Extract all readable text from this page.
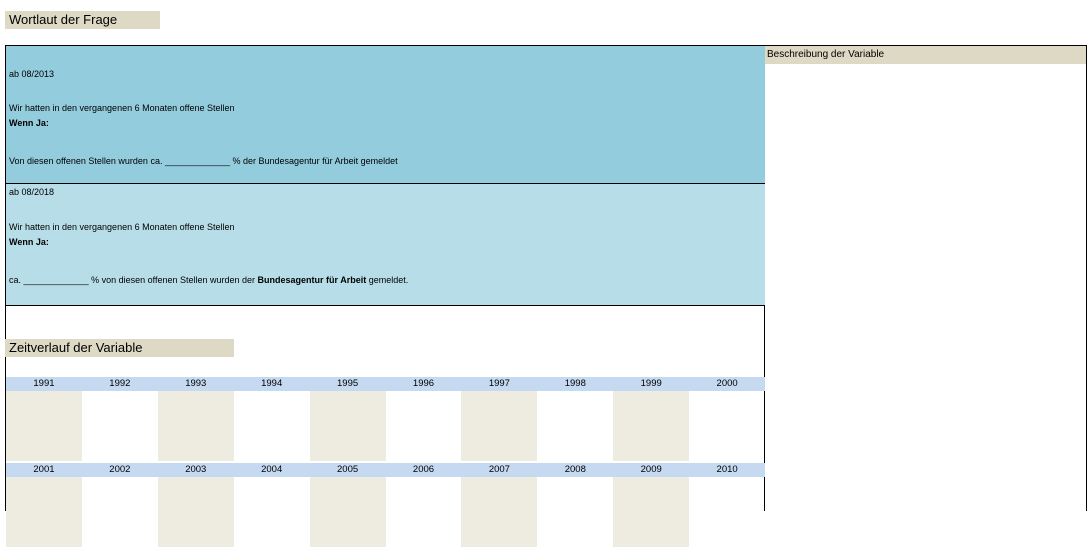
Wortlaut der Frage
ab 08/2013
Wir hatten in den vergangenen 6 Monaten offene Stellen
Wenn Ja:
Von diesen offenen Stellen wurden ca. _____________ % der Bundesagentur für Arbeit gemeldet
ab 08/2018
Wir hatten in den vergangenen 6 Monaten offene Stellen
Wenn Ja:
ca. _____________ % von diesen offenen Stellen wurden der Bundesagentur für Arbeit gemeldet.
Beschreibung der Variable
Zeitverlauf der Variable
1991	1992	1993	1994	1995	1996	1997	1998	1999	2000
2001	2002	2003	2004	2005	2006	2007	2008	2009	2010
